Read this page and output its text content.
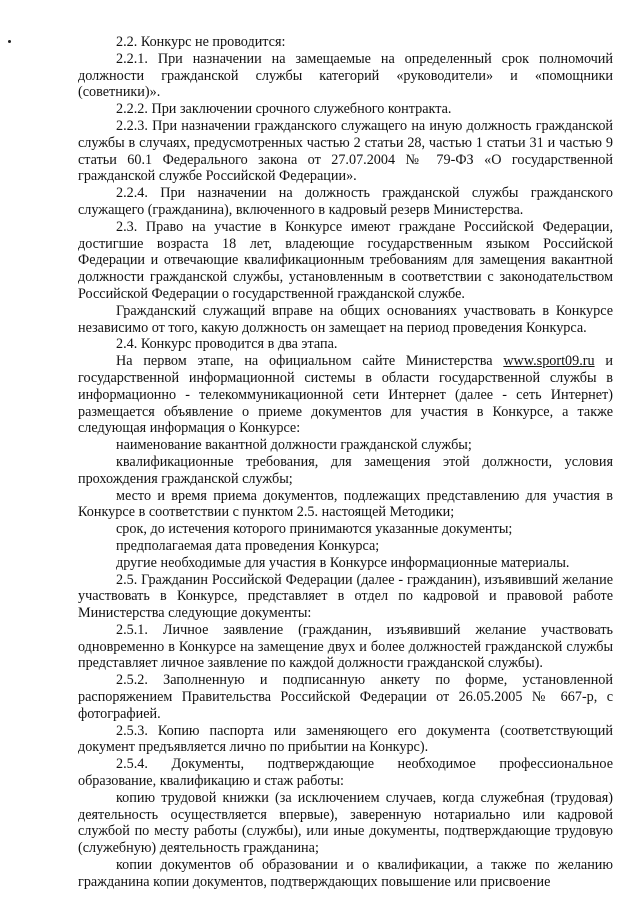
2.2. Конкурс не проводится:

2.2.1. При назначении на замещаемые на определенный срок полномочий должности гражданской службы категорий «руководители» и «помощники (советники)».

2.2.2. При заключении срочного служебного контракта.

2.2.3. При назначении гражданского служащего на иную должность гражданской службы в случаях, предусмотренных частью 2 статьи 28, частью 1 статьи 31 и частью 9 статьи 60.1 Федерального закона от 27.07.2004 № 79-ФЗ «О государственной гражданской службе Российской Федерации».

2.2.4. При назначении на должность гражданской службы гражданского служащего (гражданина), включенного в кадровый резерв Министерства.

2.3. Право на участие в Конкурсе имеют граждане Российской Федерации, достигшие возраста 18 лет, владеющие государственным языком Российской Федерации и отвечающие квалификационным требованиям для замещения вакантной должности гражданской службы, установленным в соответствии с законодательством Российской Федерации о государственной гражданской службе.

Гражданский служащий вправе на общих основаниях участвовать в Конкурсе независимо от того, какую должность он замещает на период проведения Конкурса.

2.4. Конкурс проводится в два этапа.

На первом этапе, на официальном сайте Министерства www.sport09.ru и государственной информационной системы в области государственной службы в информационно - телекоммуникационной сети Интернет (далее - сеть Интернет) размещается объявление о приеме документов для участия в Конкурсе, а также следующая информация о Конкурсе:

наименование вакантной должности гражданской службы;

квалификационные требования, для замещения этой должности, условия прохождения гражданской службы;

место и время приема документов, подлежащих представлению для участия в Конкурсе в соответствии с пунктом 2.5. настоящей Методики;

срок, до истечения которого принимаются указанные документы;

предполагаемая дата проведения Конкурса;

другие необходимые для участия в Конкурсе информационные материалы.

2.5. Гражданин Российской Федерации (далее - гражданин), изъявивший желание участвовать в Конкурсе, представляет в отдел по кадровой и правовой работе Министерства следующие документы:

2.5.1. Личное заявление (гражданин, изъявивший желание участвовать одновременно в Конкурсе на замещение двух и более должностей гражданской службы представляет личное заявление по каждой должности гражданской службы).

2.5.2. Заполненную и подписанную анкету по форме, установленной распоряжением Правительства Российской Федерации от 26.05.2005 № 667-р, с фотографией.

2.5.3. Копию паспорта или заменяющего его документа (соответствующий документ предъявляется лично по прибытии на Конкурс).

2.5.4. Документы, подтверждающие необходимое профессиональное образование, квалификацию и стаж работы:

копию трудовой книжки (за исключением случаев, когда служебная (трудовая) деятельность осуществляется впервые), заверенную нотариально или кадровой службой по месту работы (службы), или иные документы, подтверждающие трудовую (служебную) деятельность гражданина;

копии документов об образовании и о квалификации, а также по желанию гражданина копии документов, подтверждающих повышение или присвоение
